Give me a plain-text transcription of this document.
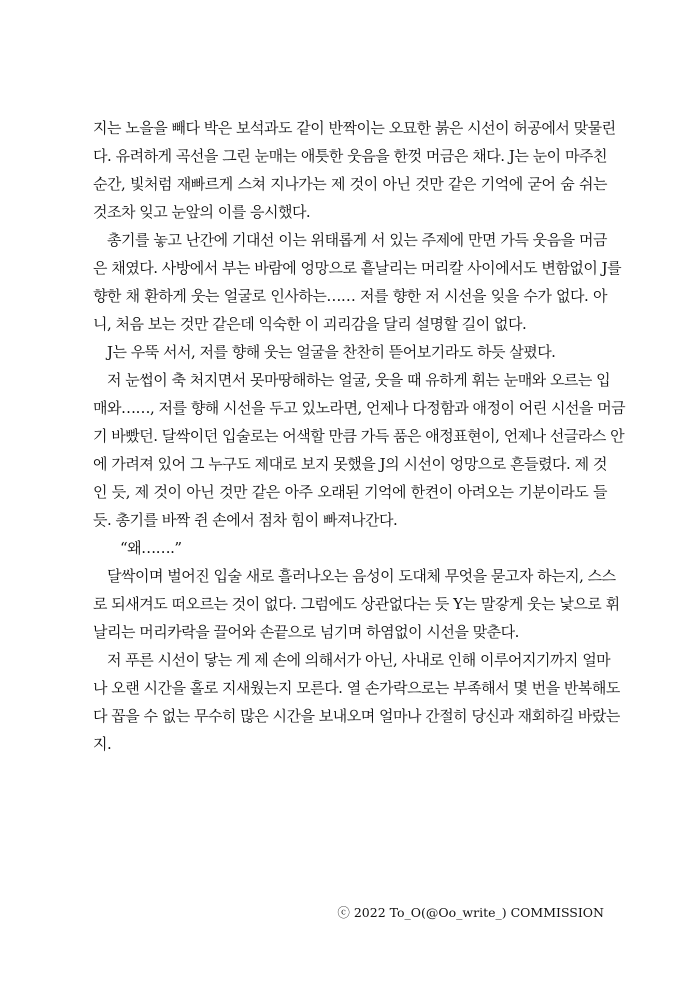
지는 노을을 빼다 박은 보석과도 같이 반짝이는 오묘한 붉은 시선이 허공에서 맞물린
다. 유려하게 곡선을 그린 눈매는 애틋한 웃음을 한껏 머금은 채다. J는 눈이 마주친
순간, 빛처럼 재빠르게 스쳐 지나가는 제 것이 아닌 것만 같은 기억에 굳어 숨 쉬는
것조차 잊고 눈앞의 이를 응시했다.
총기를 놓고 난간에 기대선 이는 위태롭게 서 있는 주제에 만면 가득 웃음을 머금
은 채였다. 사방에서 부는 바람에 엉망으로 흩날리는 머리칼 사이에서도 변함없이 J를
향한 채 환하게 웃는 얼굴로 인사하는…… 저를 향한 저 시선을 잊을 수가 없다. 아
니, 처음 보는 것만 같은데 익숙한 이 괴리감을 달리 설명할 길이 없다.
J는 우뚝 서서, 저를 향해 웃는 얼굴을 찬찬히 뜯어보기라도 하듯 살폈다.
저 눈썹이 축 처지면서 못마땅해하는 얼굴, 웃을 때 유하게 휘는 눈매와 오르는 입
매와……, 저를 향해 시선을 두고 있노라면, 언제나 다정함과 애정이 어린 시선을 머금
기 바빴던. 달싹이던 입술로는 어색할 만큼 가득 품은 애정표현이, 언제나 선글라스 안
에 가려져 있어 그 누구도 제대로 보지 못했을 J의 시선이 엉망으로 흔들렸다. 제 것
인 듯, 제 것이 아닌 것만 같은 아주 오래된 기억에 한켠이 아려오는 기분이라도 들
듯. 총기를 바짝 쥔 손에서 점차 힘이 빠져나간다.
“왜…….”
달싹이며 벌어진 입술 새로 흘러나오는 음성이 도대체 무엇을 묻고자 하는지, 스스
로 되새겨도 떠오르는 것이 없다. 그럼에도 상관없다는 듯 Y는 말갛게 웃는 낯으로 휘
날리는 머리카락을 끌어와 손끝으로 넘기며 하염없이 시선을 맞춘다.
저 푸른 시선이 닿는 게 제 손에 의해서가 아닌, 사내로 인해 이루어지기까지 얼마
나 오랜 시간을 홀로 지새웠는지 모른다. 열 손가락으로는 부족해서 몇 번을 반복해도
다 꼽을 수 없는 무수히 많은 시간을 보내오며 얼마나 간절히 당신과 재회하길 바랐는
지.
ⓒ 2022 To_O(@Oo_write_) COMMISSION
